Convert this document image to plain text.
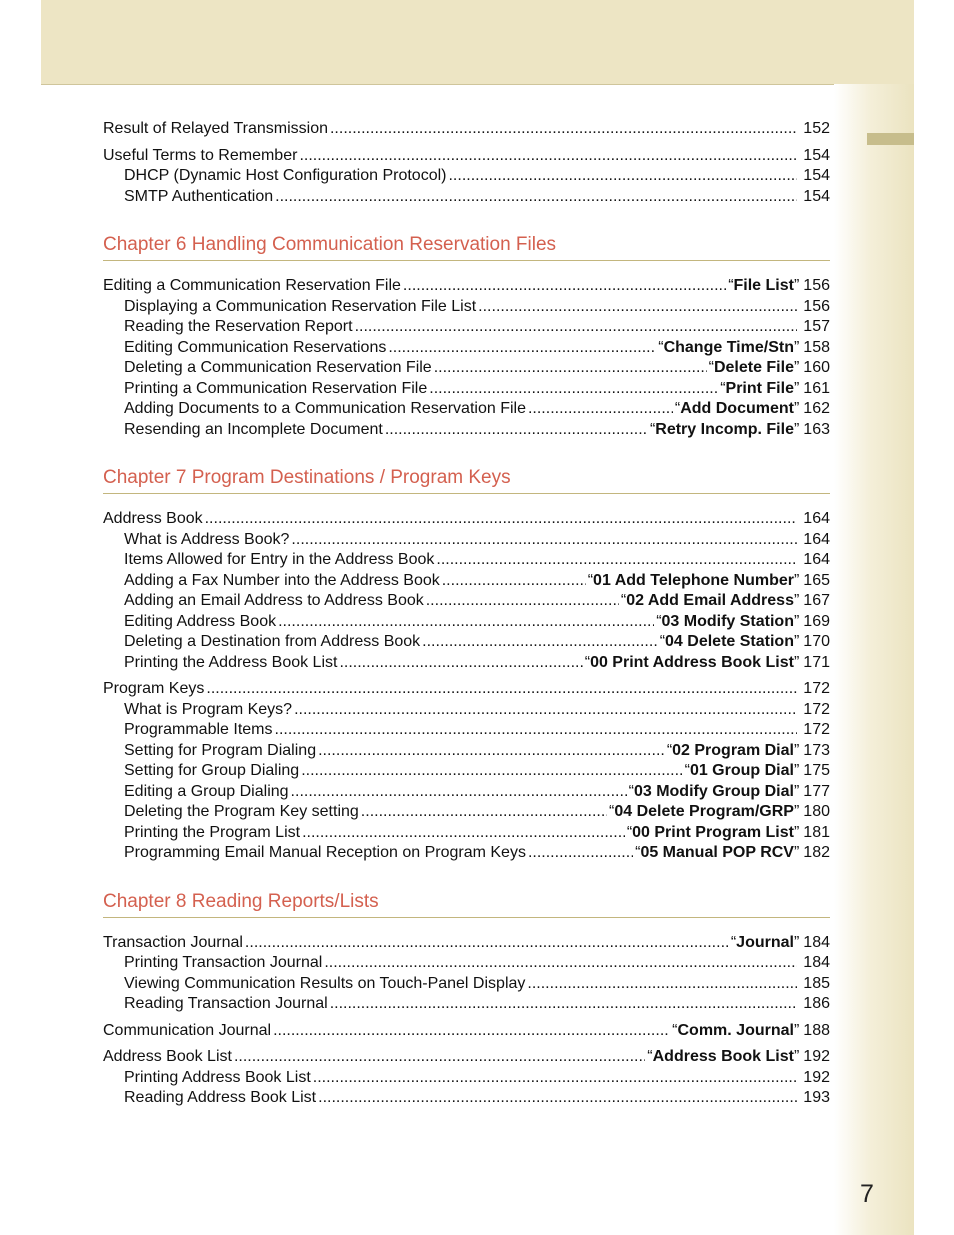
Result of Relayed Transmission .....	152
Useful Terms to Remember .....	154
DHCP (Dynamic Host Configuration Protocol) .....	154
SMTP Authentication .....	154
Chapter 6 Handling Communication Reservation Files
Editing a Communication Reservation File .....	“File List” 156
Displaying a Communication Reservation File List .....	156
Reading the Reservation Report .....	157
Editing Communication Reservations .....	“Change Time/Stn” 158
Deleting a Communication Reservation File .....	“Delete File” 160
Printing a Communication Reservation File .....	“Print File” 161
Adding Documents to a Communication Reservation File .....	“Add Document” 162
Resending an Incomplete Document .....	“Retry Incomp. File” 163
Chapter 7 Program Destinations / Program Keys
Address Book .....	164
What is Address Book? .....	164
Items Allowed for Entry in the Address Book .....	164
Adding a Fax Number into the Address Book .....	“01 Add Telephone Number” 165
Adding an Email Address to Address Book .....	“02 Add Email Address” 167
Editing Address Book .....	“03 Modify Station” 169
Deleting a Destination from Address Book .....	“04 Delete Station” 170
Printing the Address Book List .....	“00 Print Address Book List” 171
Program Keys .....	172
What is Program Keys? .....	172
Programmable Items .....	172
Setting for Program Dialing .....	“02 Program Dial” 173
Setting for Group Dialing .....	“01 Group Dial” 175
Editing a Group Dialing .....	“03 Modify Group Dial” 177
Deleting the Program Key setting .....	“04 Delete Program/GRP” 180
Printing the Program List .....	“00 Print Program List” 181
Programming Email Manual Reception on Program Keys .....	“05 Manual POP RCV” 182
Chapter 8 Reading Reports/Lists
Transaction Journal .....	“Journal” 184
Printing Transaction Journal .....	184
Viewing Communication Results on Touch-Panel Display .....	185
Reading Transaction Journal .....	186
Communication Journal .....	“Comm. Journal” 188
Address Book List .....	“Address Book List” 192
Printing Address Book List .....	192
Reading Address Book List .....	193
7
